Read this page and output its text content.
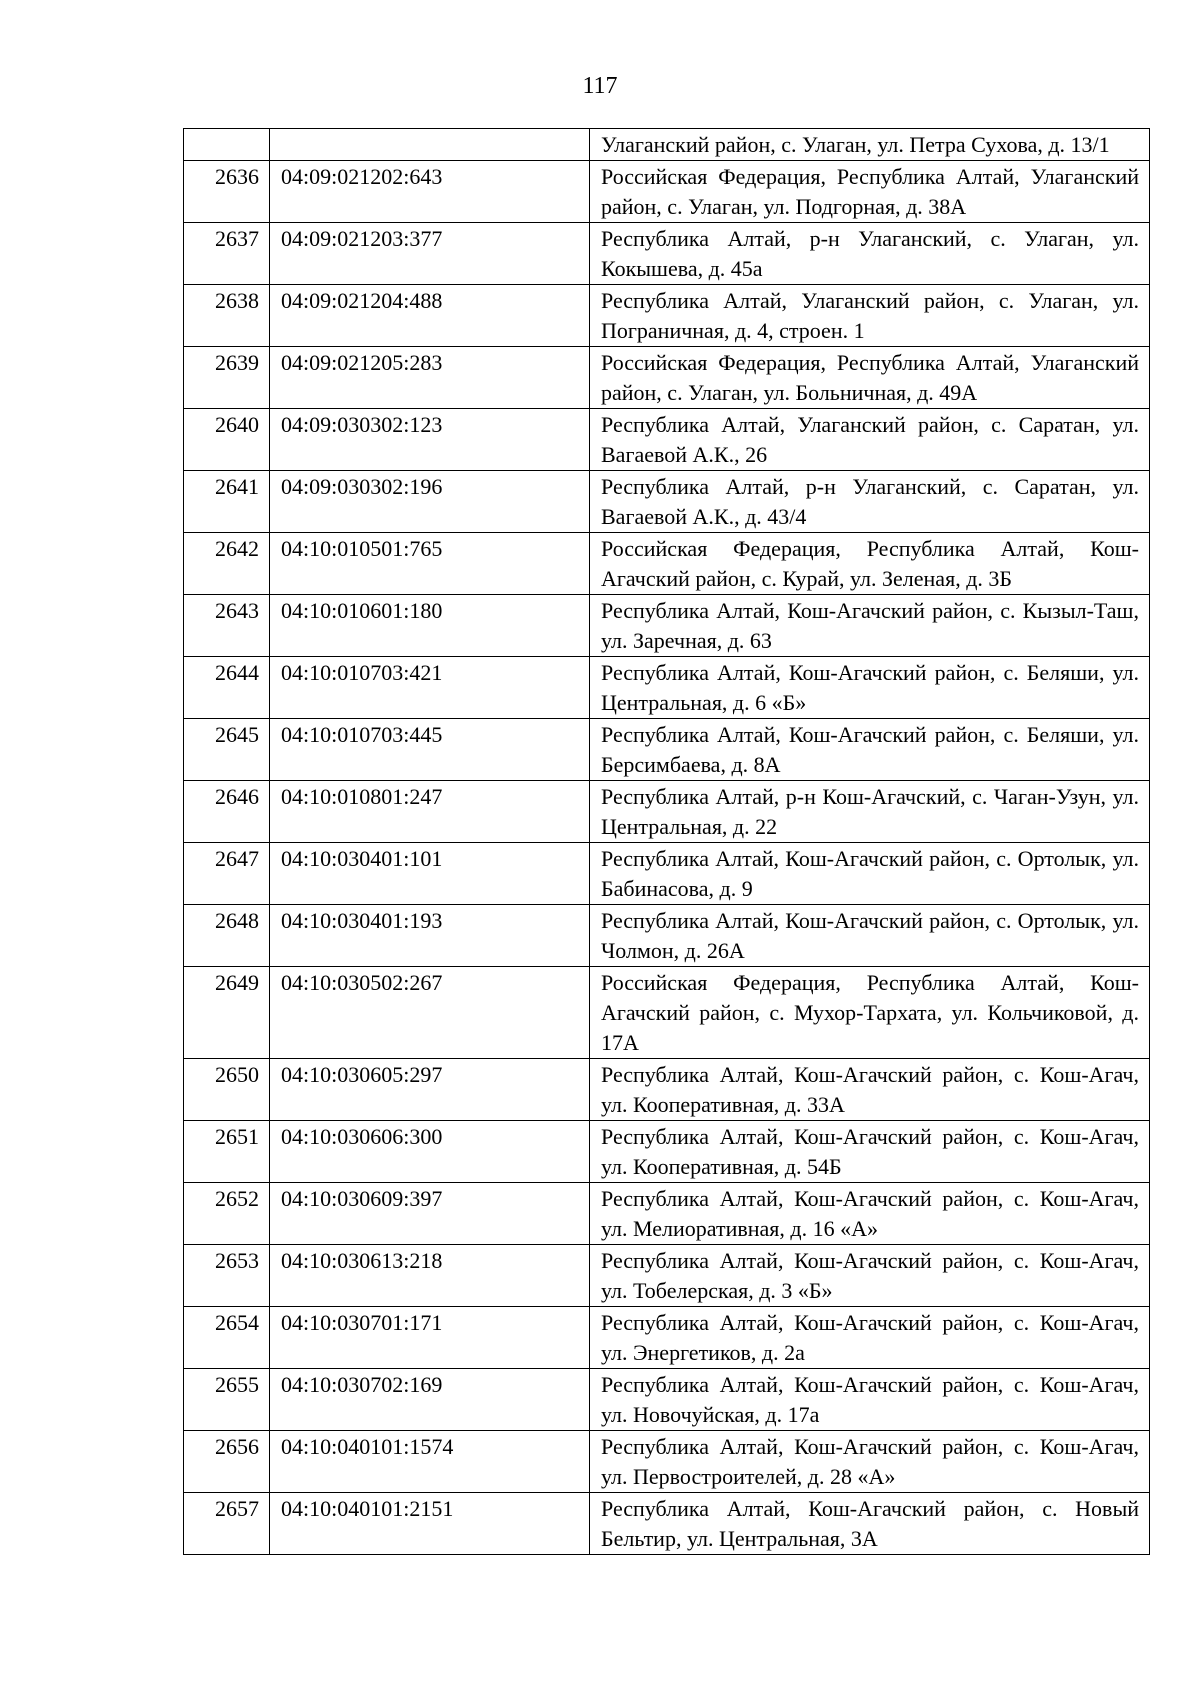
117
		Улаганский район, с. Улаган, ул. Петра Сухова, д. 13/1
2636	04:09:021202:643	Российская Федерация, Республика Алтай, Улаганский район, с. Улаган, ул. Подгорная, д. 38А
2637	04:09:021203:377	Республика Алтай, р-н Улаганский, с. Улаган, ул. Кокышева, д. 45а
2638	04:09:021204:488	Республика Алтай, Улаганский район, с. Улаган, ул. Пограничная, д. 4, строен. 1
2639	04:09:021205:283	Российская Федерация, Республика Алтай, Улаганский район, с. Улаган, ул. Больничная, д. 49А
2640	04:09:030302:123	Республика Алтай, Улаганский район, с. Саратан, ул. Вагаевой А.К., 26
2641	04:09:030302:196	Республика Алтай, р-н Улаганский, с. Саратан, ул. Вагаевой А.К., д. 43/4
2642	04:10:010501:765	Российская Федерация, Республика Алтай, Кош-Агачский район, с. Курай, ул. Зеленая, д. 3Б
2643	04:10:010601:180	Республика Алтай, Кош-Агачский район, с. Кызыл-Таш, ул. Заречная, д. 63
2644	04:10:010703:421	Республика Алтай, Кош-Агачский район, с. Беляши, ул. Центральная, д. 6 «Б»
2645	04:10:010703:445	Республика Алтай, Кош-Агачский район, с. Беляши, ул. Берсимбаева, д. 8А
2646	04:10:010801:247	Республика Алтай, р-н Кош-Агачский, с. Чаган-Узун, ул. Центральная, д. 22
2647	04:10:030401:101	Республика Алтай, Кош-Агачский район, с. Ортолык, ул. Бабинасова, д. 9
2648	04:10:030401:193	Республика Алтай, Кош-Агачский район, с. Ортолык, ул. Чолмон, д. 26А
2649	04:10:030502:267	Российская Федерация, Республика Алтай, Кош-Агачский район, с. Мухор-Тархата, ул. Кольчиковой, д. 17А
2650	04:10:030605:297	Республика Алтай, Кош-Агачский район, с. Кош-Агач, ул. Кооперативная, д. 33А
2651	04:10:030606:300	Республика Алтай, Кош-Агачский район, с. Кош-Агач, ул. Кооперативная, д. 54Б
2652	04:10:030609:397	Республика Алтай, Кош-Агачский район, с. Кош-Агач, ул. Мелиоративная, д. 16 «А»
2653	04:10:030613:218	Республика Алтай, Кош-Агачский район, с. Кош-Агач, ул. Тобелерская, д. 3 «Б»
2654	04:10:030701:171	Республика Алтай, Кош-Агачский район, с. Кош-Агач, ул. Энергетиков, д. 2а
2655	04:10:030702:169	Республика Алтай, Кош-Агачский район, с. Кош-Агач, ул. Новочуйская, д. 17а
2656	04:10:040101:1574	Республика Алтай, Кош-Агачский район, с. Кош-Агач, ул. Первостроителей, д. 28 «А»
2657	04:10:040101:2151	Республика Алтай, Кош-Агачский район, с. Новый Бельтир, ул. Центральная, 3А
